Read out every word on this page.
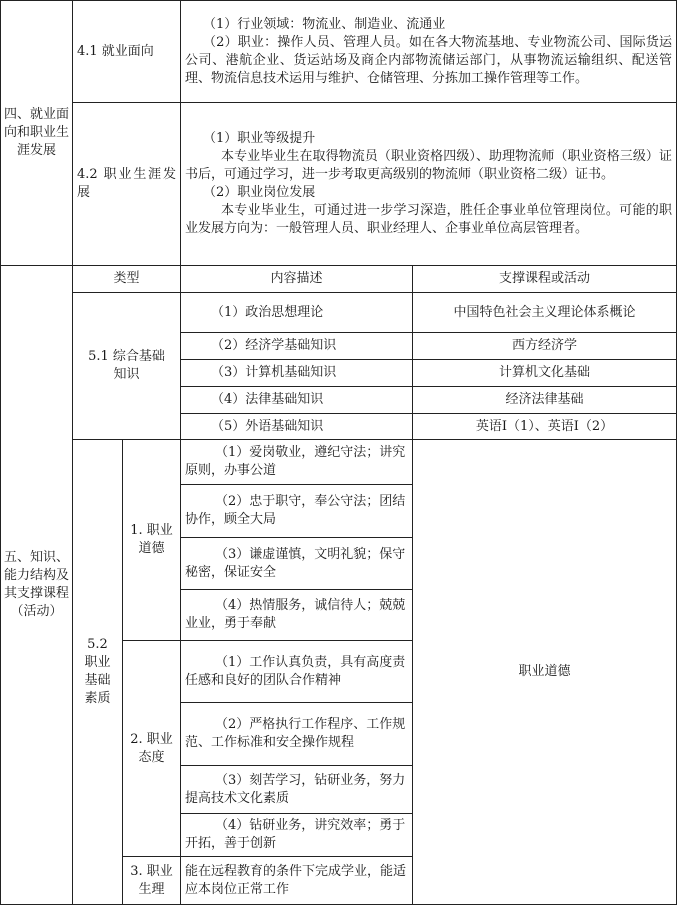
四、就业面向和职业生涯发展	4.1 就业面向		（1）行业领域：物流业、制造业、流通业
（2）职业：操作人员、管理人员。如在各大物流基地、专业物流公司、国际货运公司、港航企业、货运站场及商企内部物流储运部门，从事物流运输组织、配送管理、物流信息技术运用与维护、仓储管理、分拣加工操作管理等工作。	

	4.2 职业生涯发展		（1）职业等级提升
本专业毕业生在取得物流员（职业资格四级）、助理物流师（职业资格三级）证书后，可通过学习，进一步考取更高级别的物流师（职业资格二级）证书。
（2）职业岗位发展
本专业毕业生，可通过进一步学习深造，胜任企事业单位管理岗位。可能的职业发展方向为：一般管理人员、职业经理人、企事业单位高层管理者。	

五、知识、能力结构及其支撑课程（活动）	类型		内容描述	支撑课程或活动
	5.1 综合基础知识		（1）政治思想理论	中国特色社会主义理论体系概论

			（2）经济学基础知识	西方经济学

			（3）计算机基础知识	计算机文化基础

			（4）法律基础知识	经济法律基础

			（5）外语基础知识	英语Ⅰ（1）、英语Ⅰ（2）
	5.2 职业基础素质	1. 职业道德	（1）爱岗敬业，遵纪守法；讲究原则，办事公道	职业道德

			（2）忠于职守，奉公守法；团结协作，顾全大局	

			（3）谦虚谨慎，文明礼貌；保守秘密，保证安全	

			（4）热情服务，诚信待人；兢兢业业，勇于奉献	

		2. 职业态度	（1）工作认真负责，具有高度责任感和良好的团队合作精神	

			（2）严格执行工作程序、工作规范、工作标准和安全操作规程	

			（3）刻苦学习，钻研业务，努力提高技术文化素质	

			（4）钻研业务，讲究效率；勇于开拓，善于创新	

		3. 职业生理	能在远程教育的条件下完成学业，能适应本岗位正常工作	
